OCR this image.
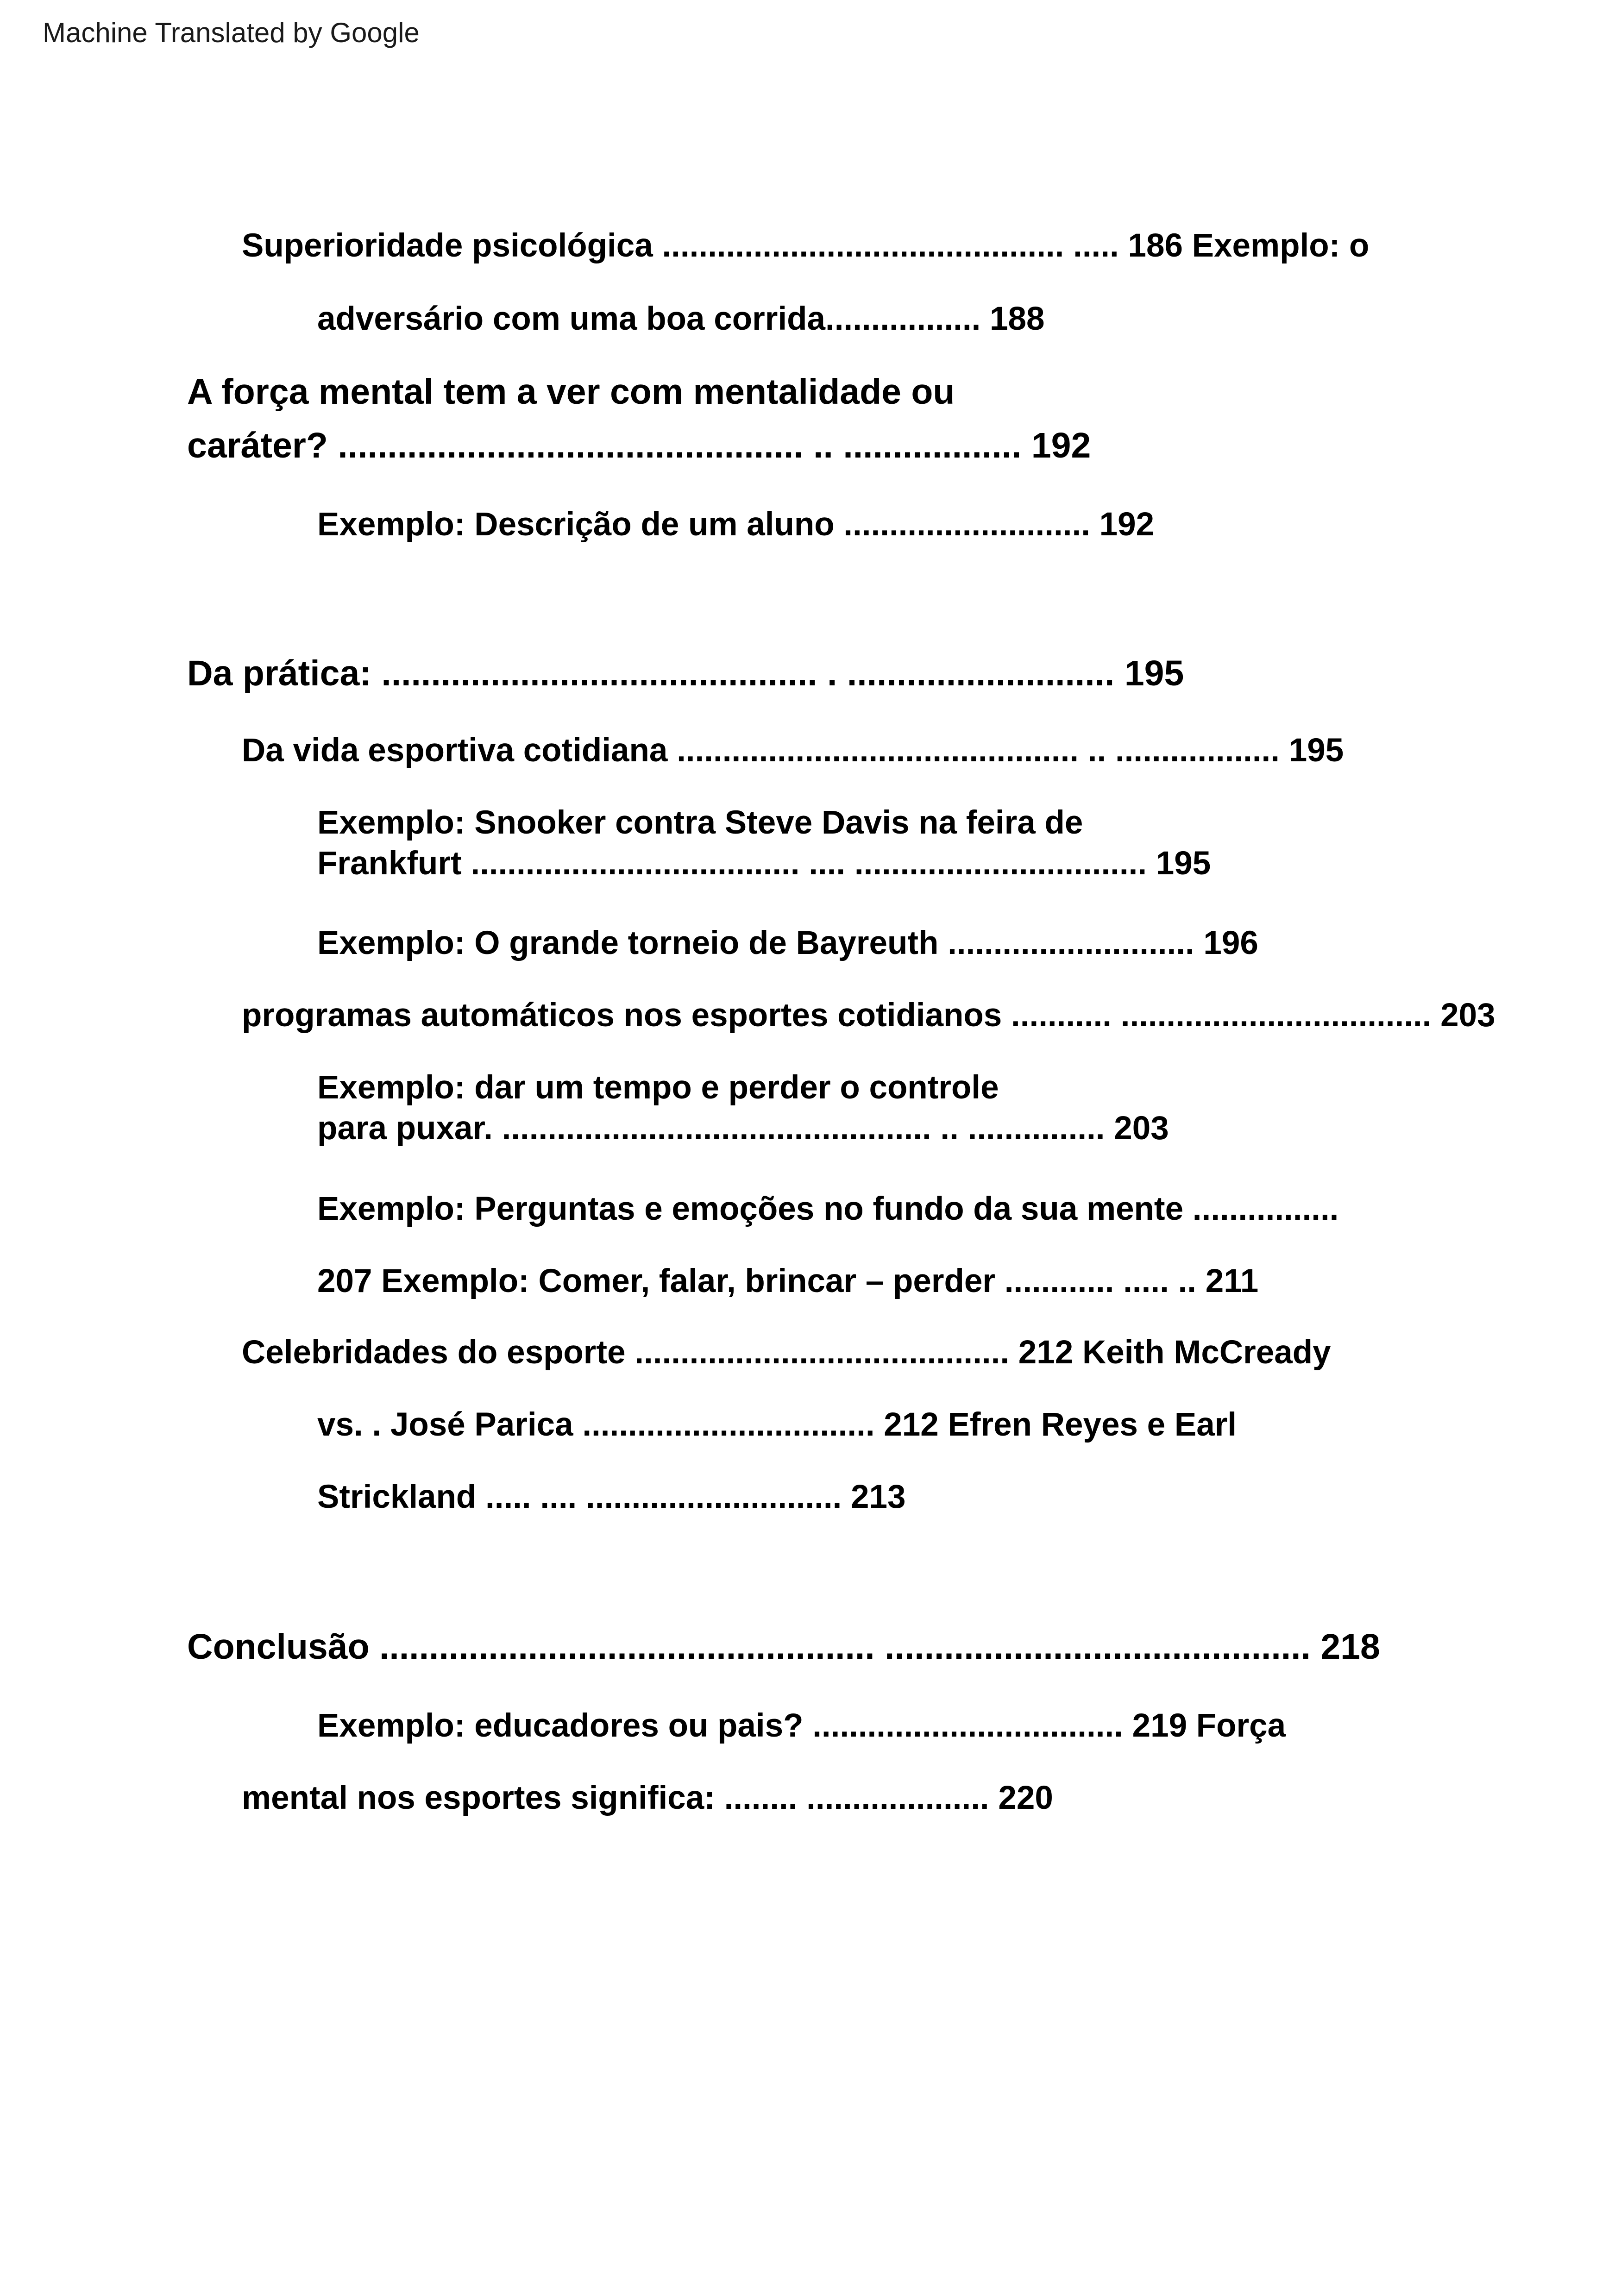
Machine Translated by Google
Superioridade psicológica ............................................ ..... 186 Exemplo: o
adversário com uma boa corrida................. 188
A força mental tem a ver com mentalidade ou
caráter? ............................................... .. .................. 192
Exemplo: Descrição de um aluno ........................... 192
Da prática: ............................................ . ........................... 195
Da vida esportiva cotidiana ............................................ .. .................. 195
Exemplo: Snooker contra Steve Davis na feira de
Frankfurt .................................... .... ................................ 195
Exemplo: O grande torneio de Bayreuth ........................... 196
programas automáticos nos esportes cotidianos ........... .................................. 203
Exemplo: dar um tempo e perder o controle
para puxar. ............................................... .. ............... 203
Exemplo: Perguntas e emoções no fundo da sua mente ................
207 Exemplo: Comer, falar, brincar – perder ............ ..... .. 211
Celebridades do esporte ......................................... 212 Keith McCready
vs. . José Parica ................................ 212 Efren Reyes e Earl
Strickland ..... .... ............................ 213
Conclusão .................................................. ........................................... 218
Exemplo: educadores ou pais? .................................. 219 Força
mental nos esportes significa: ........ .................... 220
